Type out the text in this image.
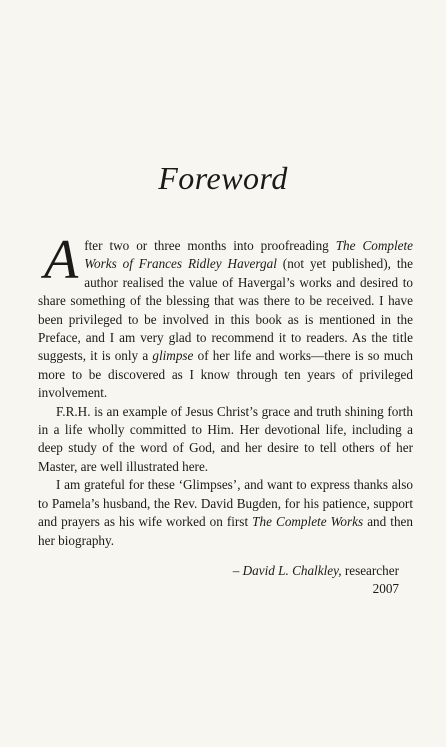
Foreword

After two or three months into proofreading The Complete Works of Frances Ridley Havergal (not yet published), the author realised the value of Havergal’s works and desired to share something of the blessing that was there to be received. I have been privileged to be involved in this book as is mentioned in the Preface, and I am very glad to recommend it to readers. As the title suggests, it is only a glimpse of her life and works—there is so much more to be discovered as I know through ten years of privileged involvement.

F.R.H. is an example of Jesus Christ’s grace and truth shining forth in a life wholly committed to Him. Her devotional life, including a deep study of the word of God, and her desire to tell others of her Master, are well illustrated here.

I am grateful for these ‘Glimpses’, and want to express thanks also to Pamela’s husband, the Rev. David Bugden, for his patience, support and prayers as his wife worked on first The Complete Works and then her biography.

– David L. Chalkley, researcher
2007
